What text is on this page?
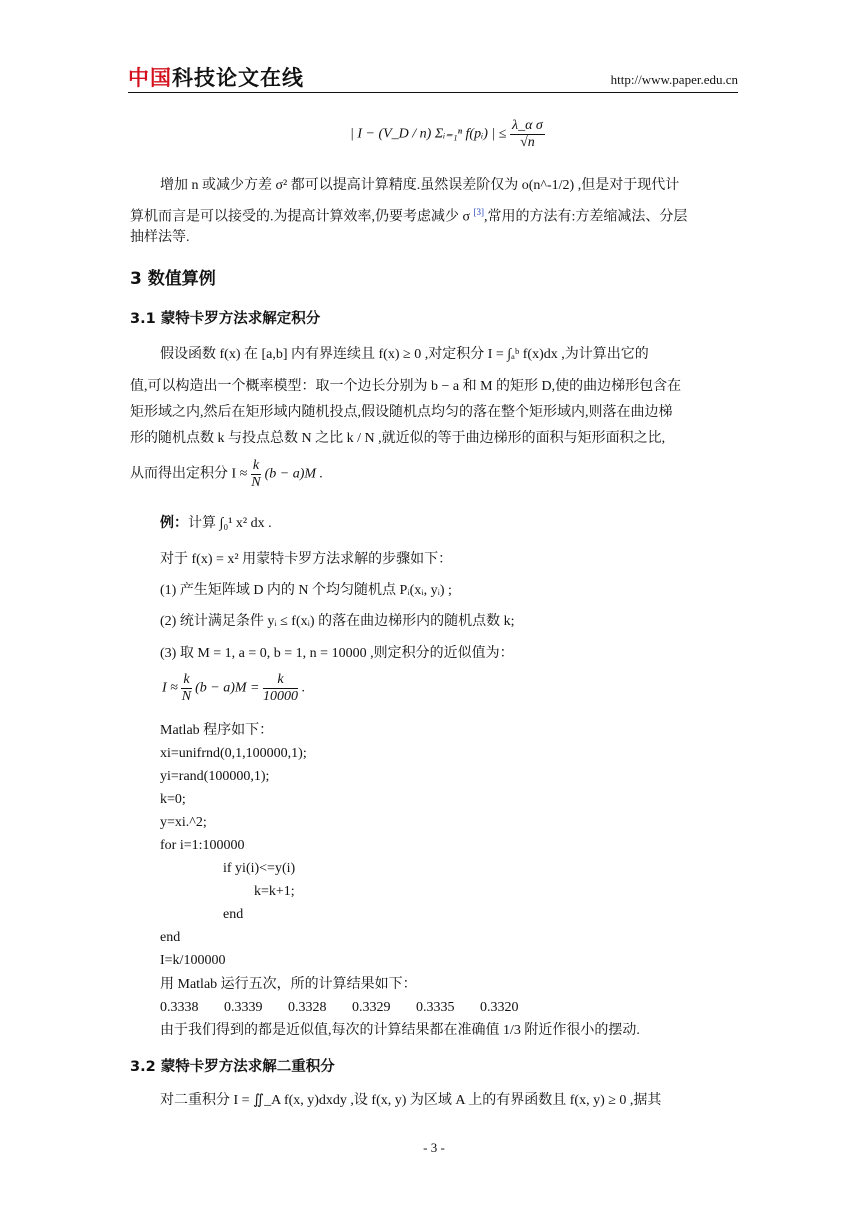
中国科技论文在线	http://www.paper.edu.cn
| I − (V_D / n) Σᵢ₌₁ⁿ f(pᵢ) | ≤ $\frac{\text{λ\_α σ}}{√n}$
增加 n 或减少方差 σ² 都可以提高计算精度.虽然误差阶仅为 o(n^-1/2) ,但是对于现代计
算机而言是可以接受的.为提高计算效率,仍要考虑减少 σ [3],常用的方法有:方差缩减法、分层
抽样法等.
3 数值算例
3.1 蒙特卡罗方法求解定积分
假设函数 f(x) 在 [a,b] 内有界连续且 f(x) ≥ 0 ,对定积分 I = ∫ₐᵇ f(x)dx ,为计算出它的
值,可以构造出一个概率模型：取一个边长分别为 b − a 和 M 的矩形 D,使的曲边梯形包含在
矩形域之内,然后在矩形域内随机投点,假设随机点均匀的落在整个矩形域内,则落在曲边梯
形的随机点数 k 与投点总数 N 之比 k / N ,就近似的等于曲边梯形的面积与矩形面积之比,
从而得出定积分 $I \approx \frac{k}{N} (b - a)M$ .
例：计算 ∫₀¹ x² dx .
对于 f(x) = x² 用蒙特卡罗方法求解的步骤如下：
(1) 产生矩阵域 D 内的 N 个均匀随机点 Pᵢ(xᵢ, yᵢ) ;
(2) 统计满足条件 yᵢ ≤ f(xᵢ) 的落在曲边梯形内的随机点数 k;
(3) 取 M = 1, a = 0, b = 1, n = 10000 ,则定积分的近似值为：
$I \approx \frac{k}{N} (b - a)M = \frac{k}{10000}$ .
Matlab 程序如下：
xi=unifrnd(0,1,100000,1);
yi=rand(100000,1);
k=0;
y=xi.^2;
for i=1:100000
if yi(i)<=y(i)
k=k+1;
end
end
I=k/100000
用 Matlab 运行五次，所的计算结果如下：
0.3338 0.3339 0.3328 0.3329 0.3335 0.3320
由于我们得到的都是近似值,每次的计算结果都在准确值 1/3 附近作很小的摆动.
3.2 蒙特卡罗方法求解二重积分
对二重积分 I = ∬_A f(x, y)dxdy ,设 f(x, y) 为区域 A 上的有界函数且 f(x, y) ≥ 0 ,据其
- 3 -
